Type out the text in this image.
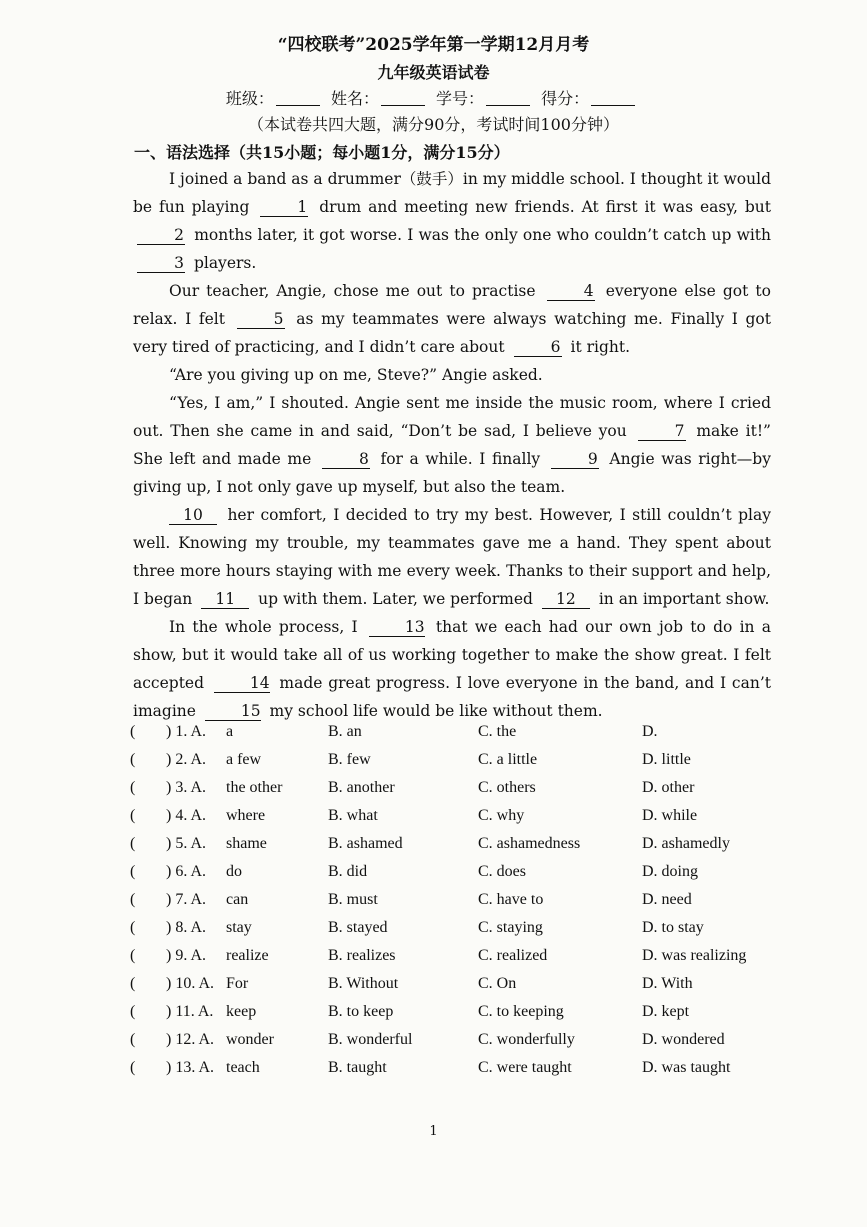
“四校联考”2025学年第一学期12月月考
九年级英语试卷
班级：	姓名：	学号：	得分：
（本试卷共四大题，满分90分，考试时间100分钟）
一、语法选择（共15小题；每小题1分，满分15分）

I joined a band as a drummer（鼓手）in my middle school. I thought it would be fun playing	1 drum and meeting new friends. At first it was easy, but 2 months later, it got worse. I was the only one who couldn’t catch up with 3 players.

Our teacher, Angie, chose me out to practise	4 everyone else got to relax. I felt	5 as my teammates were always watching me. Finally I got very tired of practicing, and I didn’t care about	6 it right.

“Are you giving up on me, Steve?” Angie asked.

“Yes, I am,” I shouted. Angie sent me inside the music room, where I cried out. Then she came in and said, “Don’t be sad, I believe you	7 make it!” She left and made me	8 for a while. I finally	9 Angie was right—by giving up, I not only gave up myself, but also the team.

10 her comfort, I decided to try my best. However, I still couldn’t play well. Knowing my trouble, my teammates gave me a hand. They spent about three more hours staying with me every week. Thanks to their support and help, I began 11 up with them. Later, we performed 12 in an important show.

In the whole process, I	13 that we each had our own job to do in a show, but it would take all of us working together to make the show great. I felt accepted	14 made great progress. I love everyone in the band, and I can’t imagine	15 my school life would be like without them.

( ) 1. A. a	B. an	C. the	D.
( ) 2. A. a few	B. few	C. a little	D. little
( ) 3. A. the other	B. another	C. others	D. other
( ) 4. A. where	B. what	C. why	D. while
( ) 5. A. shame	B. ashamed	C. ashamedness	D. ashamedly
( ) 6. A. do	B. did	C. does	D. doing
( ) 7. A. can	B. must	C. have to	D. need
( ) 8. A. stay	B. stayed	C. staying	D. to stay
( ) 9. A. realize	B. realizes	C. realized	D. was realizing
( ) 10. A. For	B. Without	C. On	D. With
( ) 11. A. keep	B. to keep	C. to keeping	D. kept
( ) 12. A. wonder	B. wonderful	C. wonderfully	D. wondered
( ) 13. A. teach	B. taught	C. were taught	D. was taught
1
